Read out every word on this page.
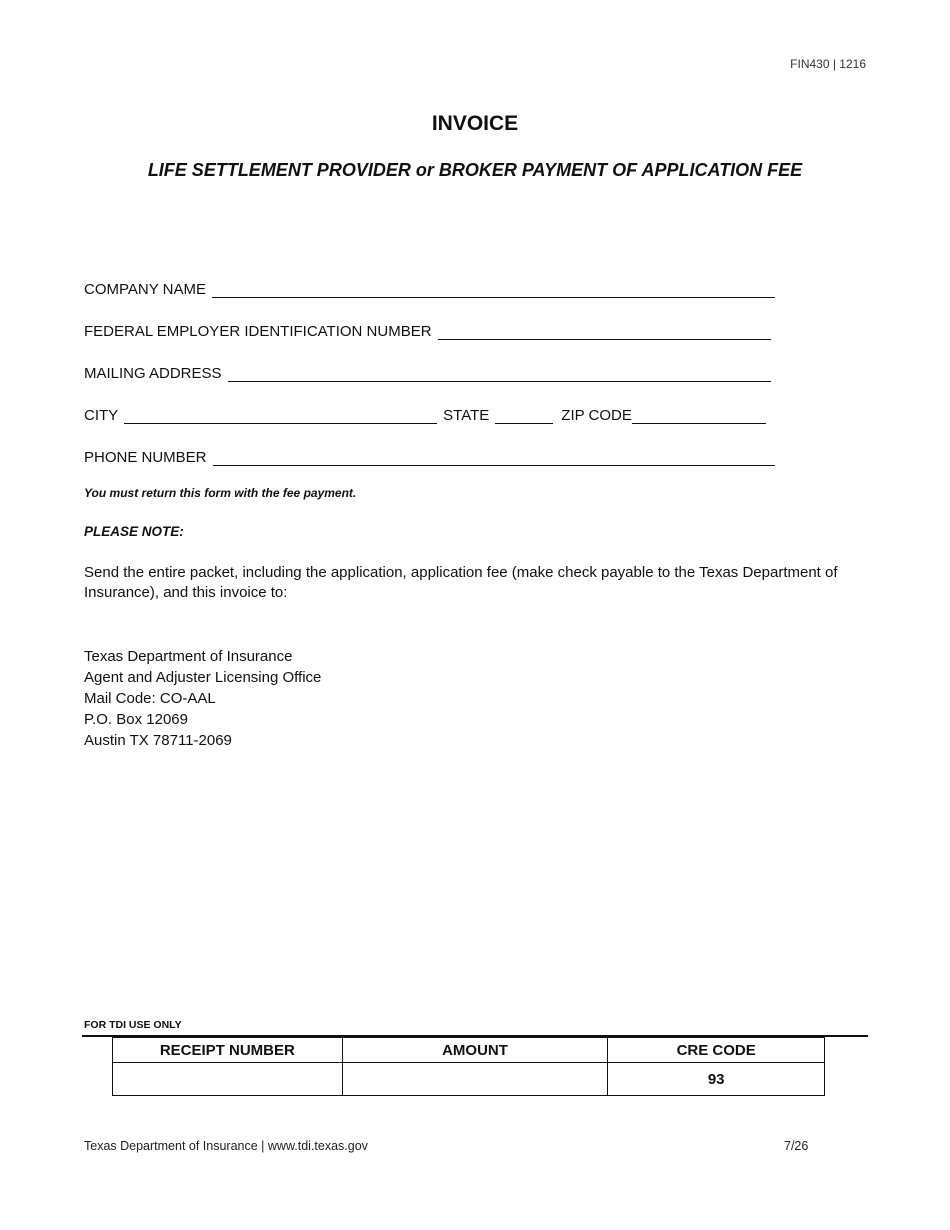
FIN430 | 1216
INVOICE
LIFE SETTLEMENT PROVIDER or BROKER PAYMENT OF APPLICATION FEE
COMPANY NAME
FEDERAL EMPLOYER IDENTIFICATION NUMBER
MAILING ADDRESS
CITY	STATE	ZIP CODE
PHONE NUMBER
You must return this form with the fee payment.
PLEASE NOTE:
Send the entire packet, including the application, application fee (make check payable to the Texas Department of Insurance), and this invoice to:
Texas Department of Insurance
Agent and Adjuster Licensing Office
Mail Code: CO-AAL
P.O. Box 12069
Austin TX 78711-2069
FOR TDI USE ONLY
RECEIPT NUMBER	AMOUNT	CRE CODE
		93
Texas Department of Insurance | www.tdi.texas.gov	7/26
